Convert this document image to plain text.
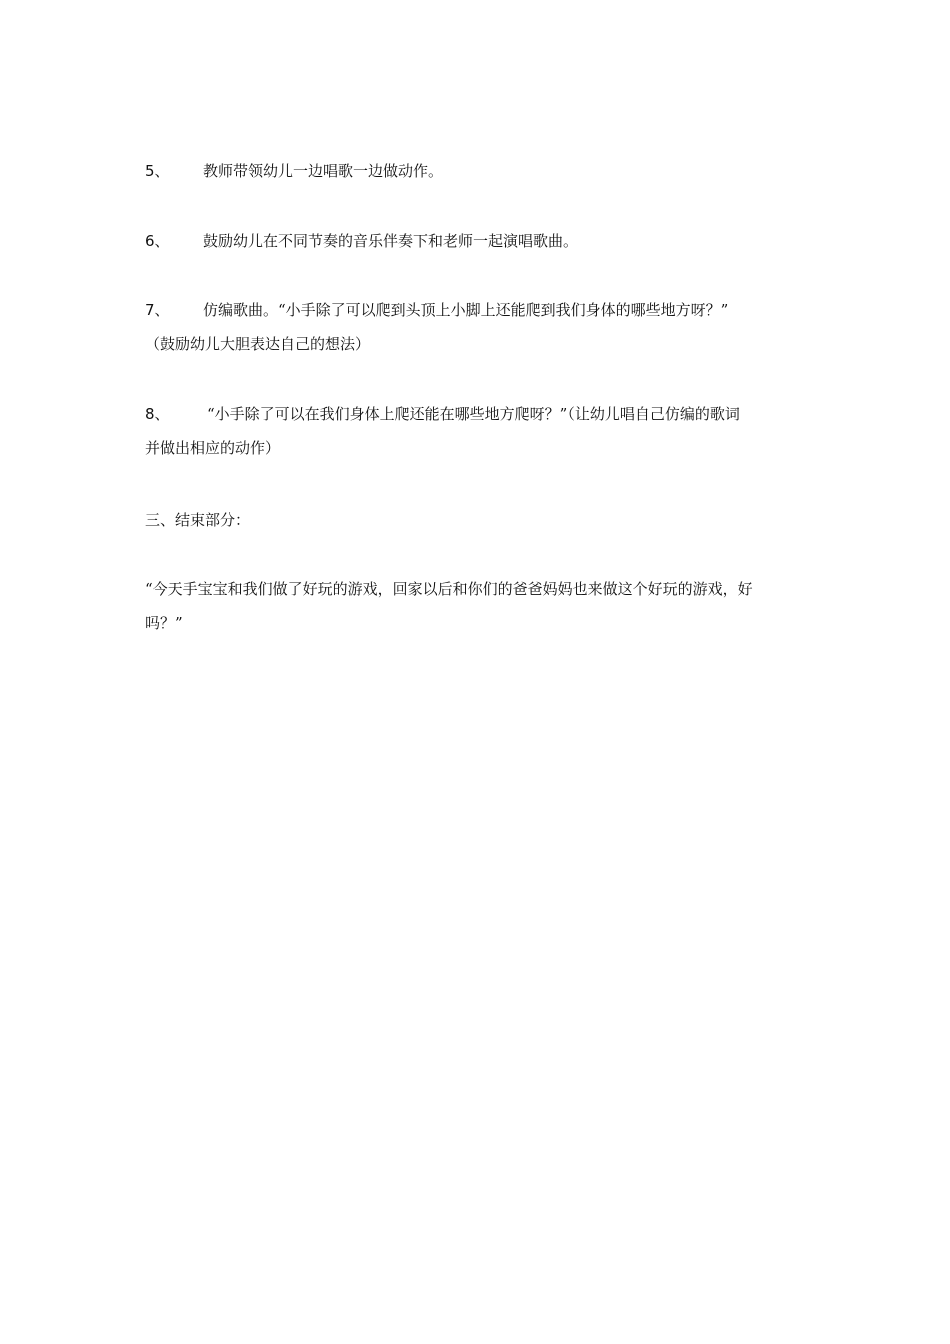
5、 教师带领幼儿一边唱歌一边做动作。
6、 鼓励幼儿在不同节奏的音乐伴奏下和老师一起演唱歌曲。
7、 仿编歌曲。“小手除了可以爬到头顶上小脚上还能爬到我们身体的哪些地方呀？”
（鼓励幼儿大胆表达自己的想法）
8、 “小手除了可以在我们身体上爬还能在哪些地方爬呀？”（让幼儿唱自己仿编的歌词
并做出相应的动作）
三、结束部分：
“今天手宝宝和我们做了好玩的游戏，回家以后和你们的爸爸妈妈也来做这个好玩的游戏，好
吗？”
